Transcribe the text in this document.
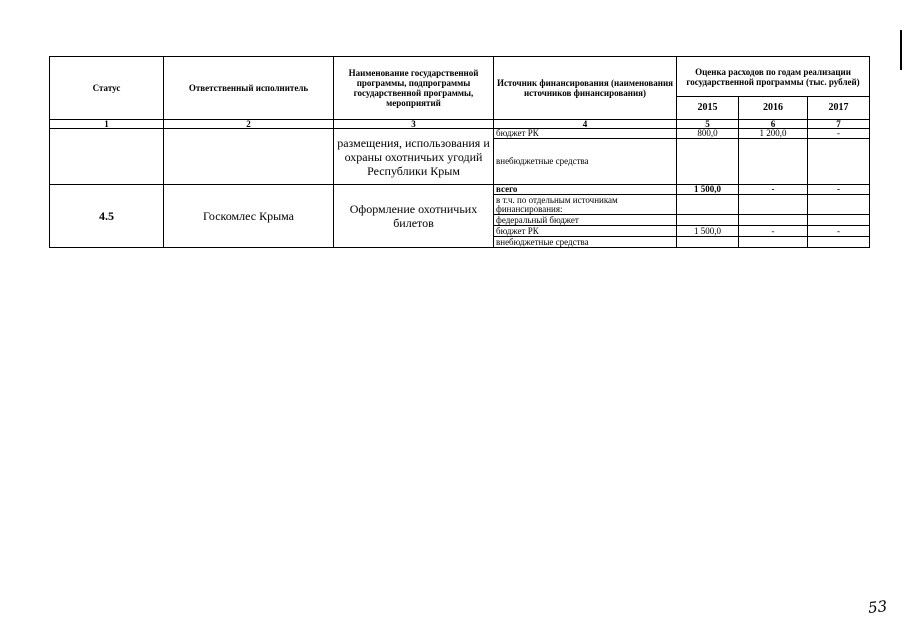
Статус	Ответственный исполнитель	Наименование государственной программы, подпрограммы государственной программы, мероприятий	Источник финансирования (наименования источников финансирования)	Оценка расходов по годам реализации государственной программы (тыс. рублей)		
				2015	2016	2017
1	2	3	4	5	6	7
		размещения, использования и охраны охотничьих угодий Республики Крым	бюджет РК	800,0	1 200,0	-
			внебюджетные средства			
4.5	Госкомлес Крыма	Оформление охотничьих билетов	всего	1 500,0	-	-
			в т.ч. по отдельным источникам финансирования:			
			федеральный бюджет			
			бюджет РК	1 500,0	-	-
			внебюджетные средства			
53
